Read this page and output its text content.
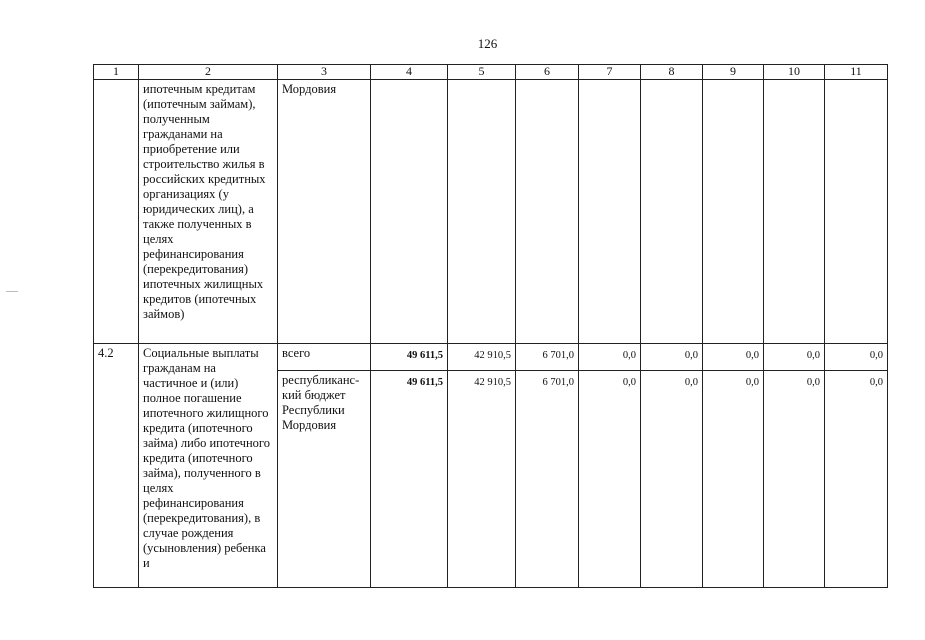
126
1	2	3	4	5	6	7	8	9	10	11
	ипотечным кредитам (ипотечным займам), полученным гражданами на приобретение или строительство жилья в российских кредитных организациях (у юридических лиц), а также полученных в целях рефинансирования (перекредитования) ипотечных жилищных кредитов (ипотечных займов)	Мордовия								
4.2	Социальные выплаты гражданам на частичное и (или) полное погашение ипотечного жилищного кредита (ипотечного займа) либо ипотечного кредита (ипотечного займа), полученного в целях рефинансирования (перекредитования), в случае рождения (усыновления) ребенка и	всего	49 611,5	42 910,5	6 701,0	0,0	0,0	0,0	0,0	0,0
		республиканс-кий бюджет Республики Мордовия	49 611,5	42 910,5	6 701,0	0,0	0,0	0,0	0,0	0,0
